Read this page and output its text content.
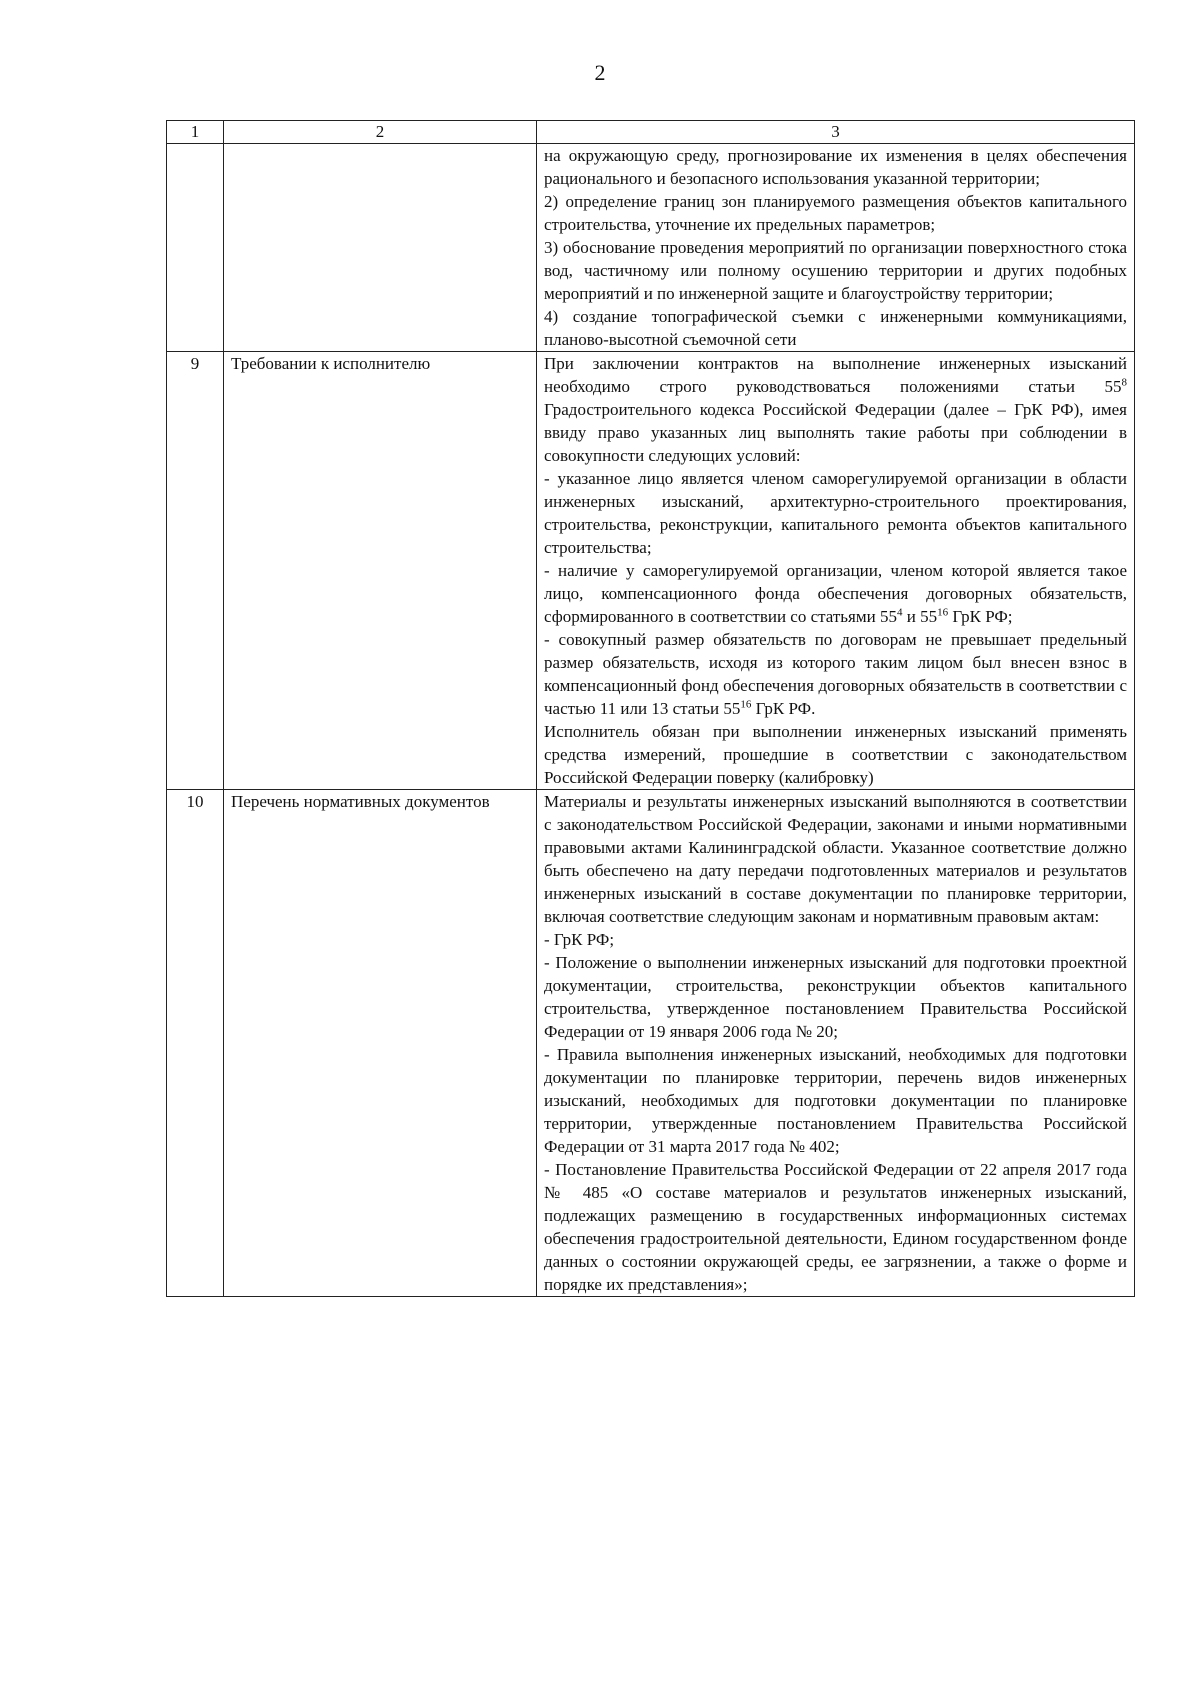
2
1	2	3

		на окружающую среду, прогнозирование их изменения в целях обеспечения рационального и безопасного использования указанной территории;

2) определение границ зон планируемого размещения объектов капитального строительства, уточнение их предельных параметров;

3) обоснование проведения мероприятий по организации поверхностного стока вод, частичному или полному осушению территории и других подобных мероприятий и по инженерной защите и благоустройству территории;

4) создание топографической съемки с инженерными коммуникациями, планово-высотной съемочной сети

9	Требовании к исполнителю	При заключении контрактов на выполнение инженерных изысканий необходимо строго руководствоваться положениями статьи $55^8$ Градостроительного кодекса Российской Федерации (далее – ГрК РФ), имея ввиду право указанных лиц выполнять такие работы при соблюдении в совокупности следующих условий:

- указанное лицо является членом саморегулируемой организации в области инженерных изысканий, архитектурно-строительного проектирования, строительства, реконструкции, капитального ремонта объектов капитального строительства;

- наличие у саморегулируемой организации, членом которой является такое лицо, компенсационного фонда обеспечения договорных обязательств, сформированного в соответствии со статьями $55^4$ и $55^{16}$ ГрК РФ;

- совокупный размер обязательств по договорам не превышает предельный размер обязательств, исходя из которого таким лицом был внесен взнос в компенсационный фонд обеспечения договорных обязательств в соответствии с частью 11 или 13 статьи $55^{16}$ ГрК РФ.

Исполнитель обязан при выполнении инженерных изысканий применять средства измерений, прошедшие в соответствии с законодательством Российской Федерации поверку (калибровку)

10	Перечень нормативных документов	Материалы и результаты инженерных изысканий выполняются в соответствии с законодательством Российской Федерации, законами и иными нормативными правовыми актами Калининградской области. Указанное соответствие должно быть обеспечено на дату передачи подготовленных материалов и результатов инженерных изысканий в составе документации по планировке территории, включая соответствие следующим законам и нормативным правовым актам:

- ГрК РФ;

- Положение о выполнении инженерных изысканий для подготовки проектной документации, строительства, реконструкции объектов капитального строительства, утвержденное постановлением Правительства Российской Федерации от 19 января 2006 года № 20;

- Правила выполнения инженерных изысканий, необходимых для подготовки документации по планировке территории, перечень видов инженерных изысканий, необходимых для подготовки документации по планировке территории, утвержденные постановлением Правительства Российской Федерации от 31 марта 2017 года № 402;

- Постановление Правительства Российской Федерации от 22 апреля 2017 года № 485 «О составе материалов и результатов инженерных изысканий, подлежащих размещению в государственных информационных системах обеспечения градостроительной деятельности, Едином государственном фонде данных о состоянии окружающей среды, ее загрязнении, а также о форме и порядке их представления»;
